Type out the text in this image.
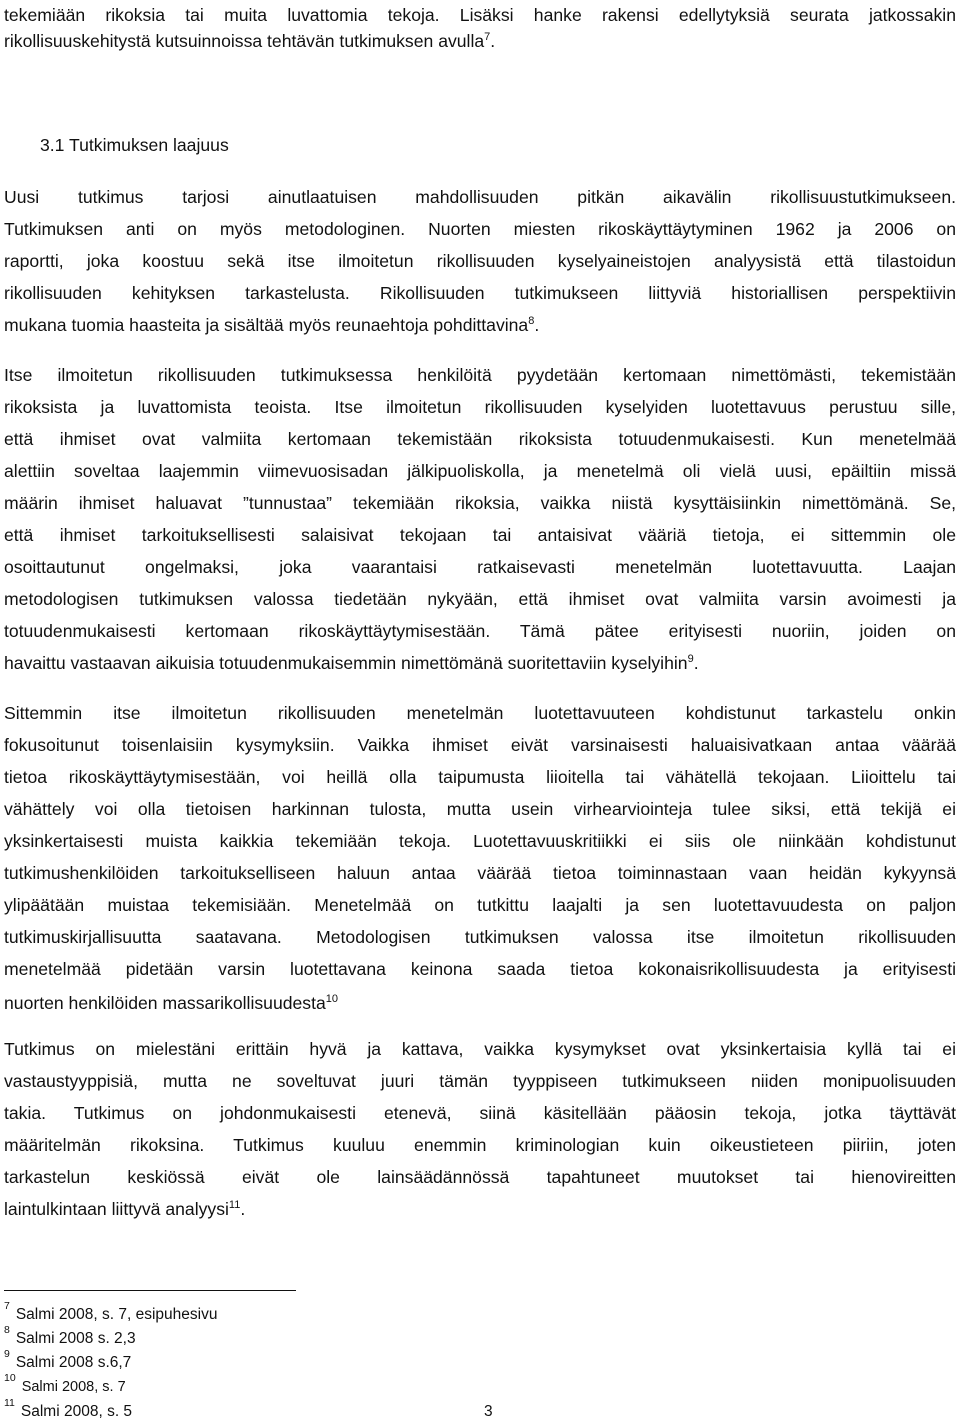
tekemiään rikoksia tai muita luvattomia tekoja. Lisäksi hanke rakensi edellytyksiä seurata jatkossakin
rikollisuuskehitystä kutsuinnoissa tehtävän tutkimuksen avulla$^7$.
3.1 Tutkimuksen laajuus
Uusi tutkimus tarjosi ainutlaatuisen mahdollisuuden pitkän aikavälin rikollisuustutkimukseen.
Tutkimuksen anti on myös metodologinen. Nuorten miesten rikoskäyttäytyminen 1962 ja 2006 on
raportti, joka koostuu sekä itse ilmoitetun rikollisuuden kyselyaineistojen analyysistä että tilastoidun
rikollisuuden kehityksen tarkastelusta. Rikollisuuden tutkimukseen liittyviä historiallisen perspektiivin
mukana tuomia haasteita ja sisältää myös reunaehtoja pohdittavina$^8$.
Itse ilmoitetun rikollisuuden tutkimuksessa henkilöitä pyydetään kertomaan nimettömästi, tekemistään
rikoksista ja luvattomista teoista. Itse ilmoitetun rikollisuuden kyselyiden luotettavuus perustuu sille,
että ihmiset ovat valmiita kertomaan tekemistään rikoksista totuudenmukaisesti. Kun menetelmää
alettiin soveltaa laajemmin viimevuosisadan jälkipuoliskolla, ja menetelmä oli vielä uusi, epäiltiin missä
määrin ihmiset haluavat ”tunnustaa” tekemiään rikoksia, vaikka niistä kysyttäisiinkin nimettömänä. Se,
että ihmiset tarkoituksellisesti salaisivat tekojaan tai antaisivat vääriä tietoja, ei sittemmin ole
osoittautunut ongelmaksi, joka vaarantaisi ratkaisevasti menetelmän luotettavuutta. Laajan
metodologisen tutkimuksen valossa tiedetään nykyään, että ihmiset ovat valmiita varsin avoimesti ja
totuudenmukaisesti kertomaan rikoskäyttäytymisestään. Tämä pätee erityisesti nuoriin, joiden on
havaittu vastaavan aikuisia totuudenmukaisemmin nimettömänä suoritettaviin kyselyihin$^9$.
Sittemmin itse ilmoitetun rikollisuuden menetelmän luotettavuuteen kohdistunut tarkastelu onkin
fokusoitunut toisenlaisiin kysymyksiin. Vaikka ihmiset eivät varsinaisesti haluaisivatkaan antaa väärää
tietoa rikoskäyttäytymisestään, voi heillä olla taipumusta liioitella tai vähätellä tekojaan. Liioittelu tai
vähättely voi olla tietoisen harkinnan tulosta, mutta usein virhearviointeja tulee siksi, että tekijä ei
yksinkertaisesti muista kaikkia tekemiään tekoja. Luotettavuuskritiikki ei siis ole niinkään kohdistunut
tutkimushenkilöiden tarkoitukselliseen haluun antaa väärää tietoa toiminnastaan vaan heidän kykyynsä
ylipäätään muistaa tekemisiään. Menetelmää on tutkittu laajalti ja sen luotettavuudesta on paljon
tutkimuskirjallisuutta saatavana. Metodologisen tutkimuksen valossa itse ilmoitetun rikollisuuden
menetelmää pidetään varsin luotettavana keinona saada tietoa kokonaisrikollisuudesta ja erityisesti
nuorten henkilöiden massarikollisuudesta$^{10}$
Tutkimus on mielestäni erittäin hyvä ja kattava, vaikka kysymykset ovat yksinkertaisia kyllä tai ei
vastaustyyppisiä, mutta ne soveltuvat juuri tämän tyyppiseen tutkimukseen niiden monipuolisuuden
takia. Tutkimus on johdonmukaisesti etenevä, siinä käsitellään pääosin tekoja, jotka täyttävät
määritelmän rikoksina. Tutkimus kuuluu enemmin kriminologian kuin oikeustieteen piiriin, joten
tarkastelun keskiössä eivät ole lainsäädännössä tapahtuneet muutokset tai hienovireitten
laintulkintaan liittyvä analyysi$^{11}$.
$^7$ Salmi 2008, s. 7, esipuhesivu
$^8$ Salmi 2008 s. 2,3
$^9$ Salmi 2008 s.6,7
$^{10}$Salmi 2008, s. 7
$^{11}$ Salmi 2008, s. 5	3
